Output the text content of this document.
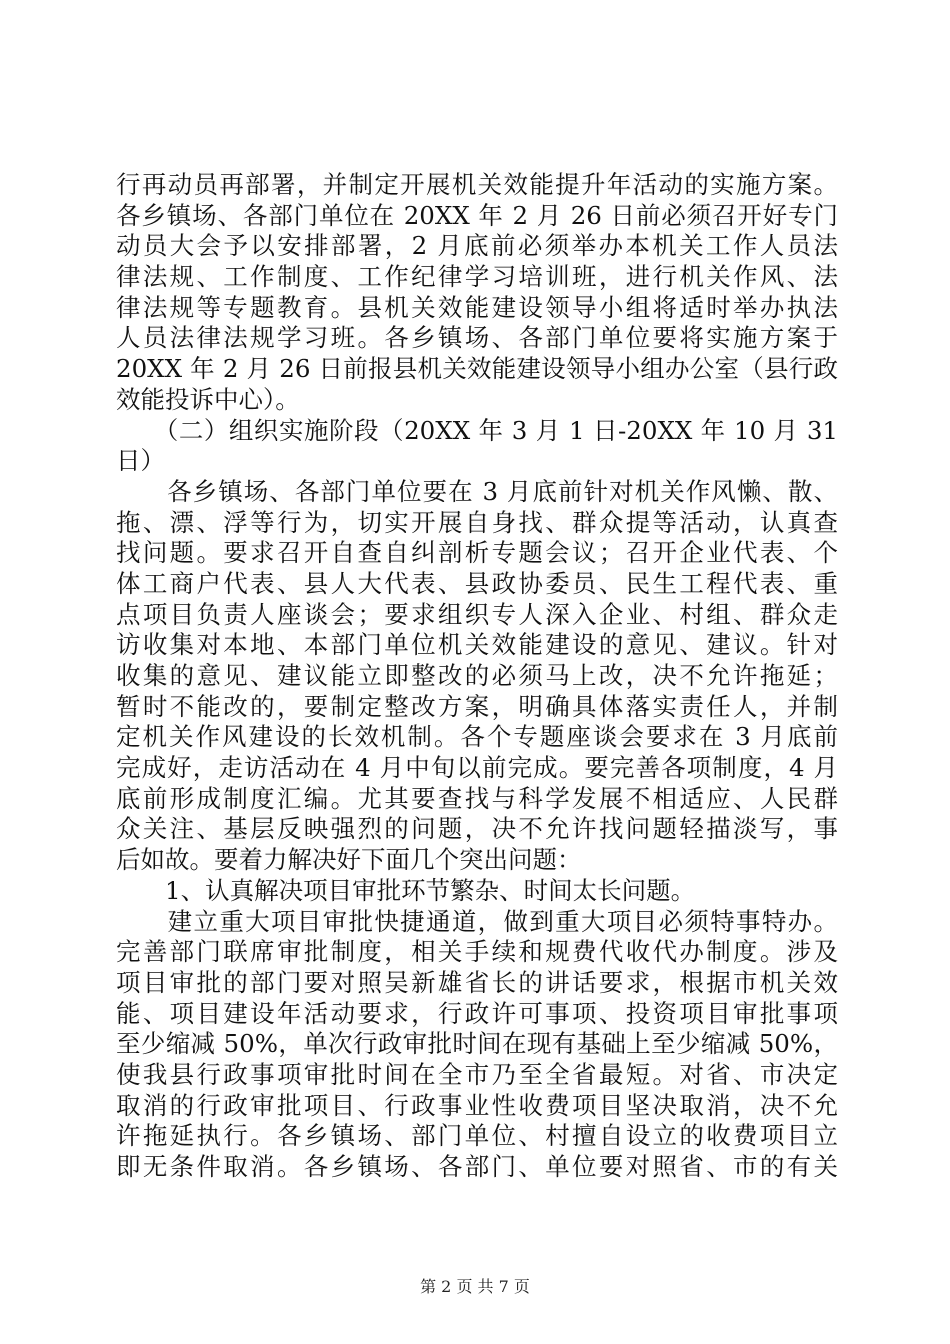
行再动员再部署，并制定开展机关效能提升年活动的实施方案。
各乡镇场、各部门单位在 20XX 年 2 月 26 日前必须召开好专门
动员大会予以安排部署，2 月底前必须举办本机关工作人员法
律法规、工作制度、工作纪律学习培训班，进行机关作风、法
律法规等专题教育。县机关效能建设领导小组将适时举办执法
人员法律法规学习班。各乡镇场、各部门单位要将实施方案于
20XX 年 2 月 26 日前报县机关效能建设领导小组办公室（县行政
效能投诉中心）。
　　（二）组织实施阶段（20XX 年 3 月 1 日-20XX 年 10 月 31
日）
　　各乡镇场、各部门单位要在 3 月底前针对机关作风懒、散、
拖、漂、浮等行为，切实开展自身找、群众提等活动，认真查
找问题。要求召开自查自纠剖析专题会议；召开企业代表、个
体工商户代表、县人大代表、县政协委员、民生工程代表、重
点项目负责人座谈会；要求组织专人深入企业、村组、群众走
访收集对本地、本部门单位机关效能建设的意见、建议。针对
收集的意见、建议能立即整改的必须马上改，决不允许拖延；
暂时不能改的，要制定整改方案，明确具体落实责任人，并制
定机关作风建设的长效机制。各个专题座谈会要求在 3 月底前
完成好，走访活动在 4 月中旬以前完成。要完善各项制度，4 月
底前形成制度汇编。尤其要查找与科学发展不相适应、人民群
众关注、基层反映强烈的问题，决不允许找问题轻描淡写，事
后如故。要着力解决好下面几个突出问题：
　　1、认真解决项目审批环节繁杂、时间太长问题。
　　建立重大项目审批快捷通道，做到重大项目必须特事特办。
完善部门联席审批制度，相关手续和规费代收代办制度。涉及
项目审批的部门要对照吴新雄省长的讲话要求，根据市机关效
能、项目建设年活动要求，行政许可事项、投资项目审批事项
至少缩减 50%，单次行政审批时间在现有基础上至少缩减 50%，
使我县行政事项审批时间在全市乃至全省最短。对省、市决定
取消的行政审批项目、行政事业性收费项目坚决取消，决不允
许拖延执行。各乡镇场、部门单位、村擅自设立的收费项目立
即无条件取消。各乡镇场、各部门、单位要对照省、市的有关
第 2 页 共 7 页
